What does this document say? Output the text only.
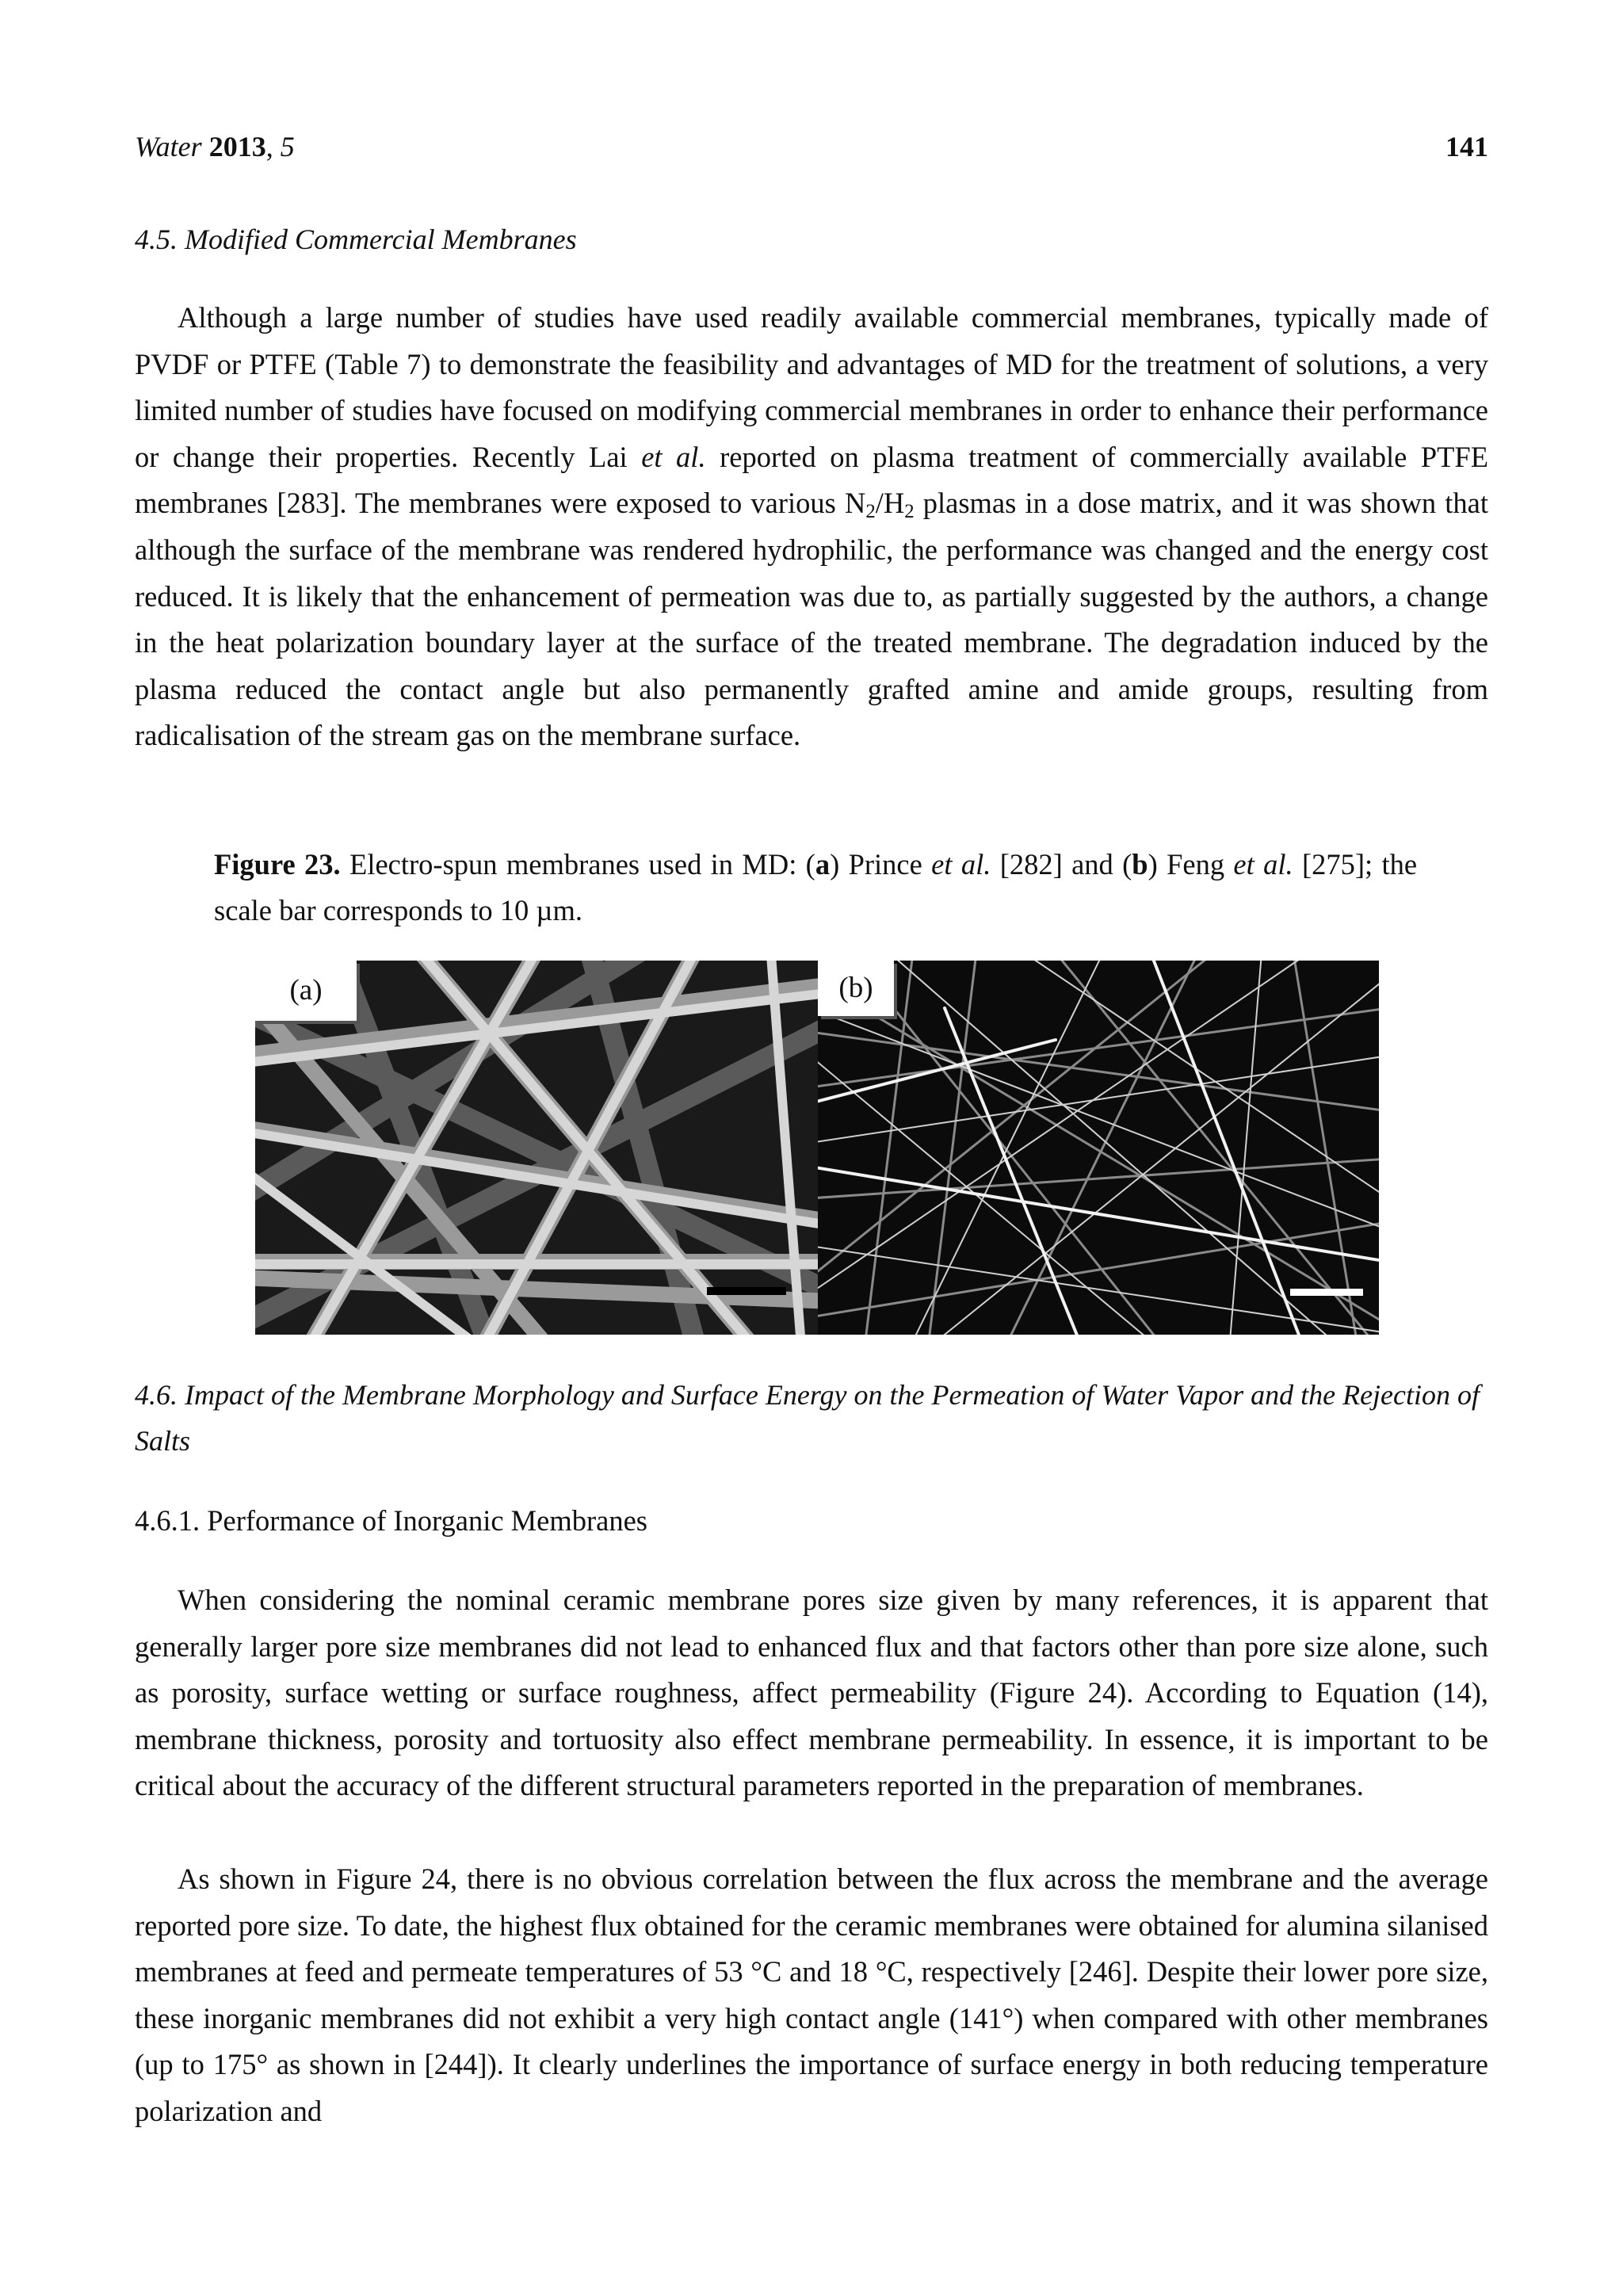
Water 2013, 5	141
4.5. Modified Commercial Membranes

Although a large number of studies have used readily available commercial membranes, typically made of PVDF or PTFE (Table 7) to demonstrate the feasibility and advantages of MD for the treatment of solutions, a very limited number of studies have focused on modifying commercial membranes in order to enhance their performance or change their properties. Recently Lai et al. reported on plasma treatment of commercially available PTFE membranes [283]. The membranes were exposed to various $N_2/H_2$ plasmas in a dose matrix, and it was shown that although the surface of the membrane was rendered hydrophilic, the performance was changed and the energy cost reduced. It is likely that the enhancement of permeation was due to, as partially suggested by the authors, a change in the heat polarization boundary layer at the surface of the treated membrane. The degradation induced by the plasma reduced the contact angle but also permanently grafted amine and amide groups, resulting from radicalisation of the stream gas on the membrane surface.

Figure 23. Electro-spun membranes used in MD: (a) Prince et al. [282] and (b) Feng et al. [275]; the scale bar corresponds to 10 µm.

(a)	(b)
4.6. Impact of the Membrane Morphology and Surface Energy on the Permeation of Water Vapor and the Rejection of Salts
4.6.1. Performance of Inorganic Membranes

When considering the nominal ceramic membrane pores size given by many references, it is apparent that generally larger pore size membranes did not lead to enhanced flux and that factors other than pore size alone, such as porosity, surface wetting or surface roughness, affect permeability (Figure 24). According to Equation (14), membrane thickness, porosity and tortuosity also effect membrane permeability. In essence, it is important to be critical about the accuracy of the different structural parameters reported in the preparation of membranes.

As shown in Figure 24, there is no obvious correlation between the flux across the membrane and the average reported pore size. To date, the highest flux obtained for the ceramic membranes were obtained for alumina silanised membranes at feed and permeate temperatures of 53 °C and 18 °C, respectively [246]. Despite their lower pore size, these inorganic membranes did not exhibit a very high contact angle (141°) when compared with other membranes (up to 175° as shown in [244]). It clearly underlines the importance of surface energy in both reducing temperature polarization and
